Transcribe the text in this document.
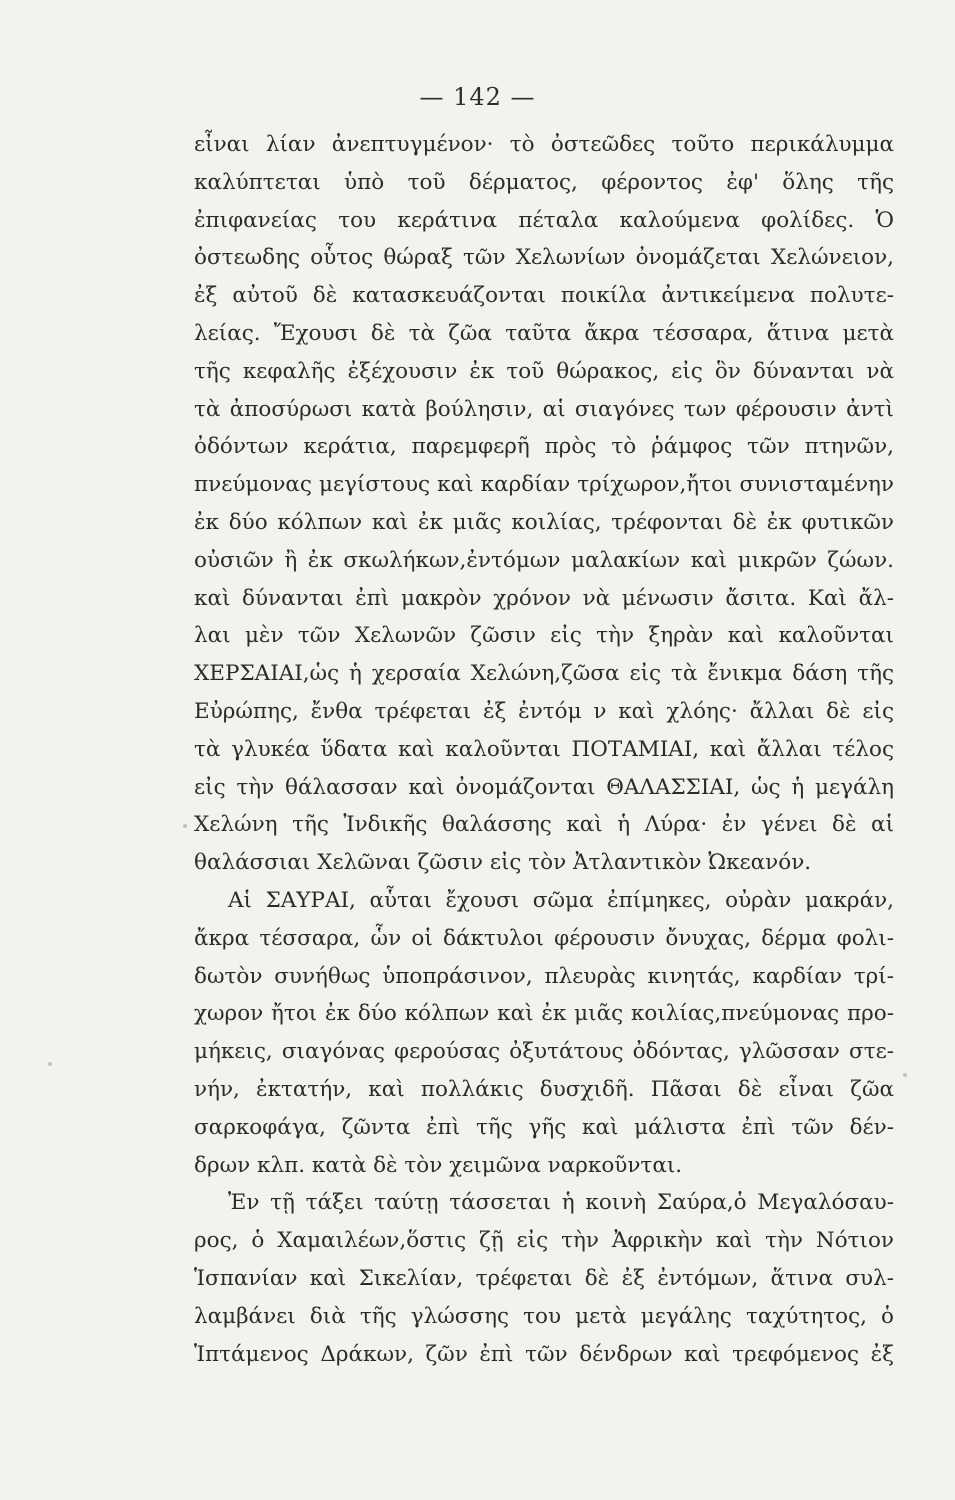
— 142 —
εἶναι λίαν ἀνεπτυγμένον· τὸ ὀστεῶδες τοῦτο περικάλυμμα
καλύπτεται ὑπὸ τοῦ δέρματος, φέροντος ἐφ' ὅλης τῆς
ἐπιφανείας του κεράτινα πέταλα καλούμενα φολίδες. Ὁ
ὀστεωδης οὗτος θώραξ τῶν Χελωνίων ὀνομάζεται Χελώνειον,
ἐξ αὐτοῦ δὲ κατασκευάζονται ποικίλα ἀντικείμενα πολυτε-
λείας. Ἔχουσι δὲ τὰ ζῶα ταῦτα ἄκρα τέσσαρα, ἅτινα μετὰ
τῆς κεφαλῆς ἐξέχουσιν ἐκ τοῦ θώρακος, εἰς ὃν δύνανται νὰ
τὰ ἀποσύρωσι κατὰ βούλησιν, αἱ σιαγόνες των φέρουσιν ἀντὶ
ὀδόντων κεράτια, παρεμφερῆ πρὸς τὸ ῥάμφος τῶν πτηνῶν,
πνεύμονας μεγίστους καὶ καρδίαν τρίχωρον,ἤτοι συνισταμένην
ἐκ δύο κόλπων καὶ ἐκ μιᾶς κοιλίας, τρέφονται δὲ ἐκ φυτικῶν
οὐσιῶν ἢ ἐκ σκωλήκων,ἐντόμων μαλακίων καὶ μικρῶν ζώων.
καὶ δύνανται ἐπὶ μακρὸν χρόνον νὰ μένωσιν ἄσιτα. Καὶ ἄλ-
λαι μὲν τῶν Χελωνῶν ζῶσιν εἰς τὴν ξηρὰν καὶ καλοῦνται
ΧΕΡΣΑΙΑΙ,ὡς ἡ χερσαία Χελώνη,ζῶσα εἰς τὰ ἔνικμα δάση τῆς
Εὐρώπης, ἔνθα τρέφεται ἐξ ἐντόμ ν καὶ χλόης· ἄλλαι δὲ εἰς
τὰ γλυκέα ὕδατα καὶ καλοῦνται ΠΟΤΑΜΙΑΙ, καὶ ἄλλαι τέλος
εἰς τὴν θάλασσαν καὶ ὀνομάζονται ΘΑΛΑΣΣΙΑΙ, ὡς ἡ μεγάλη
Χελώνη τῆς Ἰνδικῆς θαλάσσης καὶ ἡ Λύρα· ἐν γένει δὲ αἱ
θαλάσσιαι Χελῶναι ζῶσιν εἰς τὸν Ἀτλαντικὸν Ὠκεανόν.
Αἱ ΣΑΥΡΑΙ, αὗται ἔχουσι σῶμα ἐπίμηκες, οὐρὰν μακράν,
ἄκρα τέσσαρα, ὧν οἱ δάκτυλοι φέρουσιν ὄνυχας, δέρμα φολι-
δωτὸν συνήθως ὑποπράσινον, πλευρὰς κινητάς, καρδίαν τρί-
χωρον ἤτοι ἐκ δύο κόλπων καὶ ἐκ μιᾶς κοιλίας,πνεύμονας προ-
μήκεις, σιαγόνας φερούσας ὀξυτάτους ὀδόντας, γλῶσσαν στε-
νήν, ἐκτατήν, καὶ πολλάκις δυσχιδῆ. Πᾶσαι δὲ εἶναι ζῶα
σαρκοφάγα, ζῶντα ἐπὶ τῆς γῆς καὶ μάλιστα ἐπὶ τῶν δέν-
δρων κλπ. κατὰ δὲ τὸν χειμῶνα ναρκοῦνται.
Ἐν τῇ τάξει ταύτῃ τάσσεται ἡ κοινὴ Σαύρα,ὁ Μεγαλόσαυ-
ρος, ὁ Χαμαιλέων,ὅστις ζῇ εἰς τὴν Ἀφρικὴν καὶ τὴν Νότιον
Ἱσπανίαν καὶ Σικελίαν, τρέφεται δὲ ἐξ ἐντόμων, ἅτινα συλ-
λαμβάνει διὰ τῆς γλώσσης του μετὰ μεγάλης ταχύτητος, ὁ
Ἱπτάμενος Δράκων, ζῶν ἐπὶ τῶν δένδρων καὶ τρεφόμενος ἐξ
